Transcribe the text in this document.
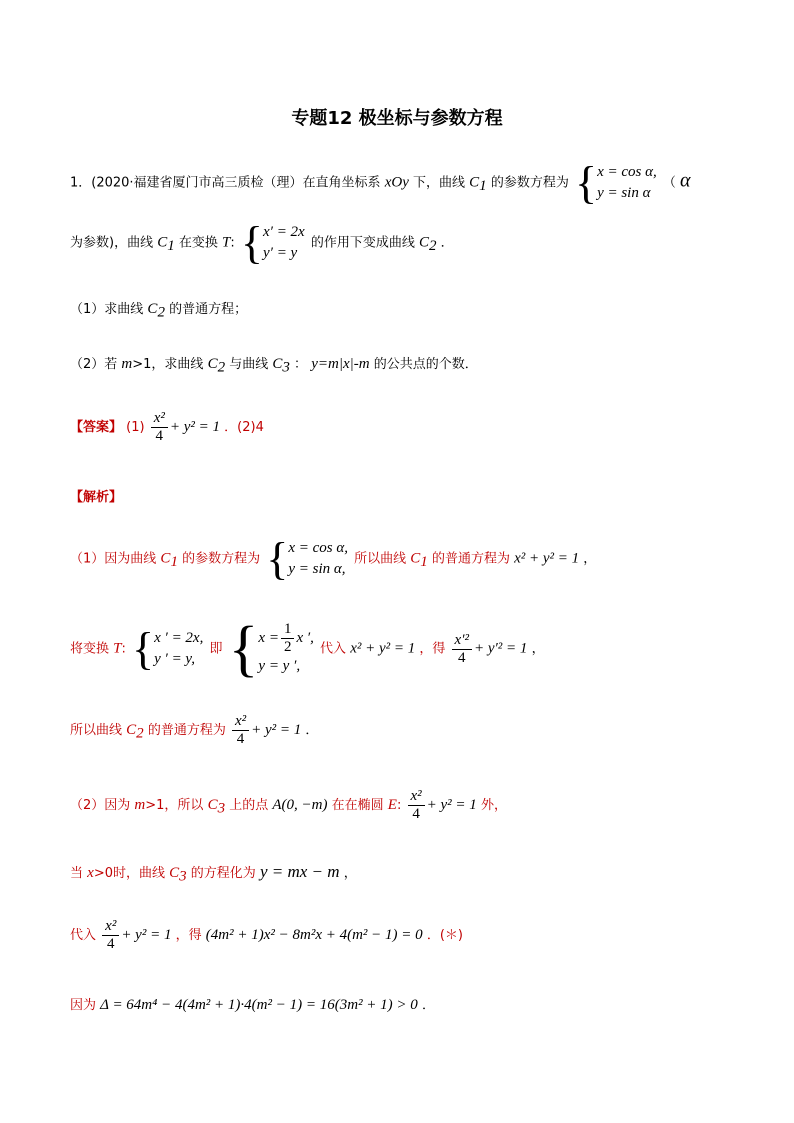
专题12 极坐标与参数方程
1．(2020·福建省厦门市高三质检（理）在直角坐标系 xOy 下，曲线 $C_1$ 的参数方程为 { x = cos α,
y = sin α
（ α
为参数)，曲线 $C_1$ 在变换 T: { x′ = 2x
y′ = y
的作用下变成曲线 $C_2$ ．
（1）求曲线 $C_2$ 的普通方程；
（2）若 m>1，求曲线 $C_2$ 与曲线 $C_3$ ： y=m|x|-m 的公共点的个数．
【答案】 $(1) \frac{\text{x²}}{4} + y^2 = 1$ ．(2)4
【解析】
（1）因为曲线 $C_1$ 的参数方程为 { x = cos α,
y = sin α,
所以曲线 $C_1$ 的普通方程为 x² + y² = 1 ，
将变换 T: { x ′ = 2x,
y ′ = y,
即 { $x = \frac{1}{2}$ x ′,
y = y ′,
代入 x² + y² = 1 ，得 $\frac{\text{x′²}}{4} + y'^2 = 1$ ，
所以曲线 $C_2$ 的普通方程为 $\frac{\text{x²}}{4} + y^2 = 1$ ．
（2）因为 m>1，所以 $C_3$ 上的点 A(0, −m) 在在椭圆 E: $\frac{\text{x²}}{4} + y^2 = 1$ 外，
当 x>0时，曲线 $C_3$ 的方程化为 y = mx − m ，
代入 $\frac{\text{x²}}{4} + y^2 = 1$ ，得 (4m² + 1)x² − 8m²x + 4(m² − 1) = 0 ．(＊)
因为 Δ = 64m⁴ − 4(4m² + 1)·4(m² − 1) = 16(3m² + 1) > 0 ．
